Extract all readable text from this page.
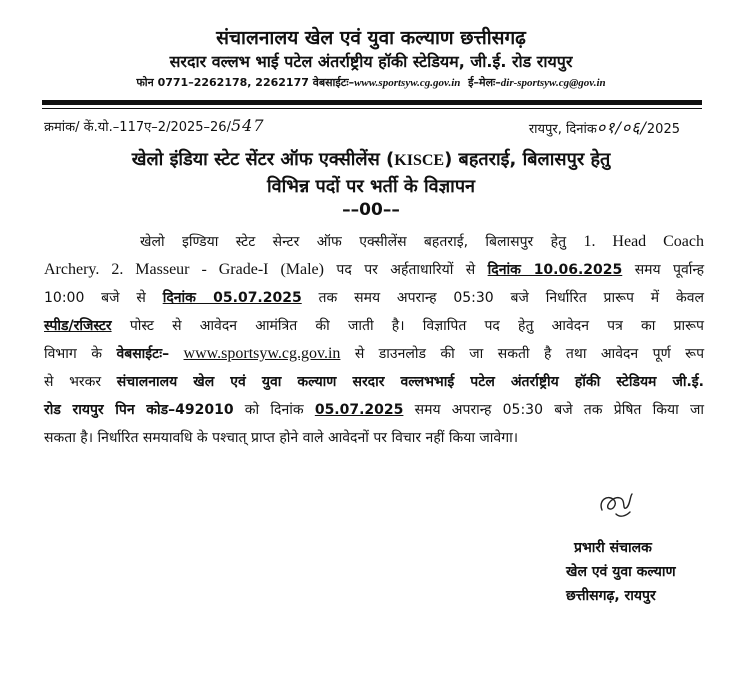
संचालनालय खेल एवं युवा कल्याण छत्तीसगढ़
सरदार वल्लभ भाई पटेल अंतर्राष्ट्रीय हॉकी स्टेडियम, जी.ई. रोड रायपुर
फोन 0771–2262178, 2262177 वेबसाईटः–www.sportsyw.cg.gov.in ई–मेलः–dir-sportsyw.cg@gov.in
क्रमांक/ कें.यो.–117ए–2/2025–26/547	रायपुर, दिनांक०१/०६/2025
खेलो इंडिया स्टेट सेंटर ऑफ एक्सीलेंस (KISCE) बहतराई, बिलासपुर हेतु
विभिन्न पदों पर भर्ती के विज्ञापन
––00––
खेलो इण्डिया स्टेट सेन्टर ऑफ एक्सीलेंस बहतराई, बिलासपुर हेतु 1. Head Coach
Archery. 2. Masseur - Grade-I (Male) पद पर अर्हताधारियों से दिनांक 10.06.2025 समय पूर्वान्ह
10:00 बजे से दिनांक 05.07.2025 तक समय अपरान्ह 05:30 बजे निर्धारित प्रारूप में केवल
स्पीड/रजिस्टर पोस्ट से आवेदन आमंत्रित की जाती है। विज्ञापित पद हेतु आवेदन पत्र का प्रारूप
विभाग के वेबसाईटः– www.sportsyw.cg.gov.in से डाउनलोड की जा सकती है तथा आवेदन पूर्ण रूप
से भरकर संचालनालय खेल एवं युवा कल्याण सरदार वल्लभभाई पटेल अंतर्राष्ट्रीय हॉकी स्टेडियम जी.ई.
रोड रायपुर पिन कोड–492010 को दिनांक 05.07.2025 समय अपरान्ह 05:30 बजे तक प्रेषित किया जा
सकता है। निर्धारित समयावधि के पश्चात् प्राप्त होने वाले आवेदनों पर विचार नहीं किया जावेगा।
प्रभारी संचालक
खेल एवं युवा कल्याण
छत्तीसगढ़, रायपुर
